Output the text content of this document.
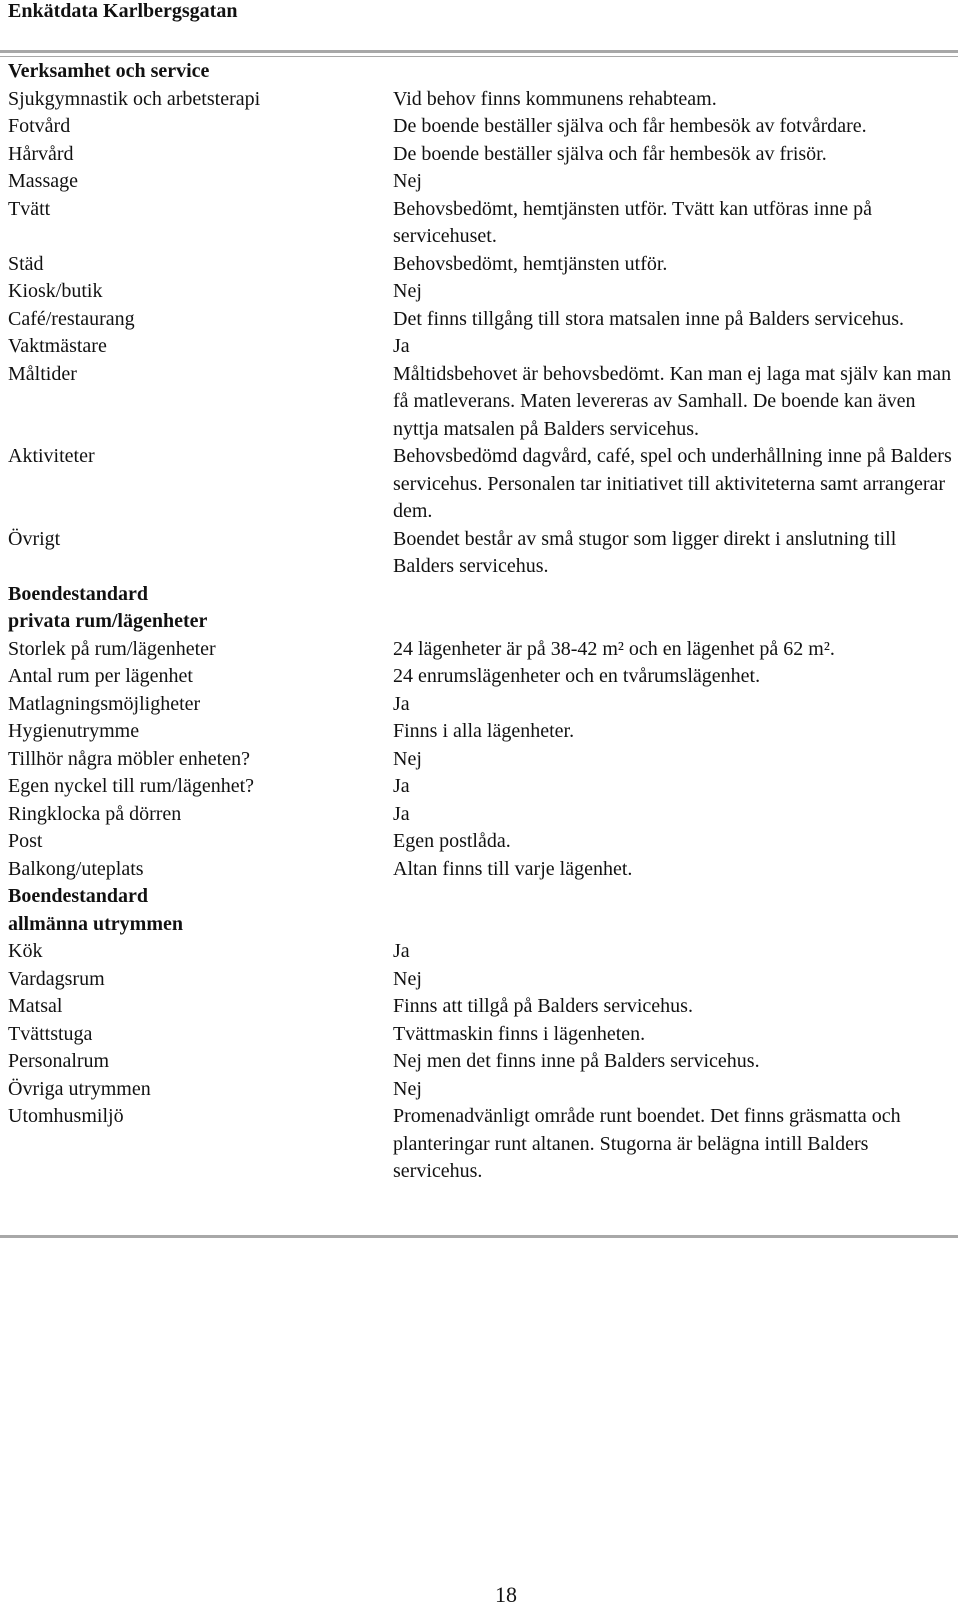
Enkätdata Karlbergsgatan
Verksamhet och service
Sjukgymnastik och arbetsterapi	Vid behov finns kommunens rehabteam.
Fotvård	De boende beställer själva och får hembesök av fotvårdare.
Hårvård	De boende beställer själva och får hembesök av frisör.
Massage	Nej
Tvätt	Behovsbedömt, hemtjänsten utför. Tvätt kan utföras inne på servicehuset.
Städ	Behovsbedömt, hemtjänsten utför.
Kiosk/butik	Nej
Café/restaurang	Det finns tillgång till stora matsalen inne på Balders servicehus.
Vaktmästare	Ja
Måltider	Måltidsbehovet är behovsbedömt. Kan man ej laga mat själv kan man få matleverans. Maten levereras av Samhall. De boende kan även nyttja matsalen på Balders servicehus.
Aktiviteter	Behovsbedömd dagvård, café, spel och underhållning inne på Balders servicehus. Personalen tar initiativet till aktiviteterna samt arrangerar dem.
Övrigt	Boendet består av små stugor som ligger direkt i anslutning till Balders servicehus.
Boendestandard
privata rum/lägenheter
Storlek på rum/lägenheter	24 lägenheter är på 38-42 m² och en lägenhet på 62 m².
Antal rum per lägenhet	24 enrumslägenheter och en tvårumslägenhet.
Matlagningsmöjligheter	Ja
Hygienutrymme	Finns i alla lägenheter.
Tillhör några möbler enheten?	Nej
Egen nyckel till rum/lägenhet?	Ja
Ringklocka på dörren	Ja
Post	Egen postlåda.
Balkong/uteplats	Altan finns till varje lägenhet.
Boendestandard
allmänna utrymmen
Kök	Ja
Vardagsrum	Nej
Matsal	Finns att tillgå på Balders servicehus.
Tvättstuga	Tvättmaskin finns i lägenheten.
Personalrum	Nej men det finns inne på Balders servicehus.
Övriga utrymmen	Nej
Utomhusmiljö	Promenadvänligt område runt boendet. Det finns gräsmatta och planteringar runt altanen. Stugorna är belägna intill Balders servicehus.
18
